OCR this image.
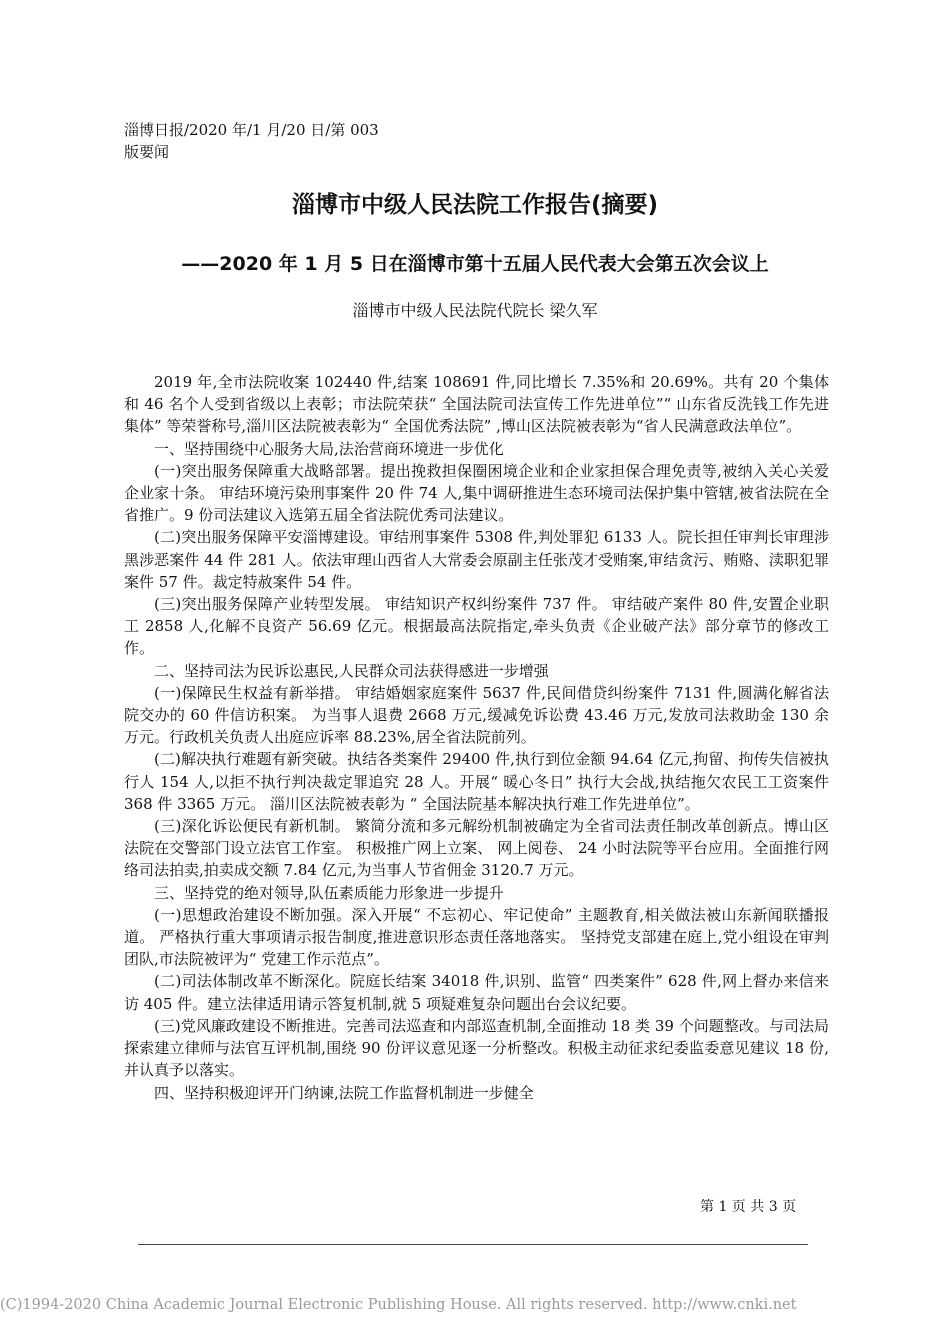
淄博日报/2020 年/1 月/20 日/第 003
版要闻
淄博市中级人民法院工作报告(摘要)
——2020 年 1 月 5 日在淄博市第十五届人民代表大会第五次会议上
淄博市中级人民法院代院长 梁久军

2019 年,全市法院收案 102440 件,结案 108691 件,同比增长 7.35%和 20.69%。共有 20 个集体和 46 名个人受到省级以上表彰；市法院荣获“ 全国法院司法宣传工作先进单位”“ 山东省反洗钱工作先进集体” 等荣誉称号,淄川区法院被表彰为“ 全国优秀法院” ,博山区法院被表彰为“省人民满意政法单位”。

一、坚持围绕中心服务大局,法治营商环境进一步优化

(一)突出服务保障重大战略部署。提出挽救担保圈困境企业和企业家担保合理免责等,被纳入关心关爱企业家十条。 审结环境污染刑事案件 20 件 74 人,集中调研推进生态环境司法保护集中管辖,被省法院在全省推广。9 份司法建议入选第五届全省法院优秀司法建议。

(二)突出服务保障平安淄博建设。审结刑事案件 5308 件,判处罪犯 6133 人。院长担任审判长审理涉黑涉恶案件 44 件 281 人。依法审理山西省人大常委会原副主任张茂才受贿案,审结贪污、贿赂、渎职犯罪案件 57 件。裁定特赦案件 54 件。

(三)突出服务保障产业转型发展。 审结知识产权纠纷案件 737 件。 审结破产案件 80 件,安置企业职工 2858 人,化解不良资产 56.69 亿元。根据最高法院指定,牵头负责《企业破产法》部分章节的修改工作。

二、坚持司法为民诉讼惠民,人民群众司法获得感进一步增强

(一)保障民生权益有新举措。 审结婚姻家庭案件 5637 件,民间借贷纠纷案件 7131 件,圆满化解省法院交办的 60 件信访积案。 为当事人退费 2668 万元,缓减免诉讼费 43.46 万元,发放司法救助金 130 余万元。行政机关负责人出庭应诉率 88.23%,居全省法院前列。

(二)解决执行难题有新突破。执结各类案件 29400 件,执行到位金额 94.64 亿元,拘留、拘传失信被执行人 154 人,以拒不执行判决裁定罪追究 28 人。开展“ 暖心冬日” 执行大会战,执结拖欠农民工工资案件 368 件 3365 万元。 淄川区法院被表彰为 “ 全国法院基本解决执行难工作先进单位”。

(三)深化诉讼便民有新机制。 繁简分流和多元解纷机制被确定为全省司法责任制改革创新点。博山区法院在交警部门设立法官工作室。 积极推广网上立案、 网上阅卷、 24 小时法院等平台应用。全面推行网络司法拍卖,拍卖成交额 7.84 亿元,为当事人节省佣金 3120.7 万元。

三、坚持党的绝对领导,队伍素质能力形象进一步提升

(一)思想政治建设不断加强。深入开展“ 不忘初心、牢记使命” 主题教育,相关做法被山东新闻联播报道。 严格执行重大事项请示报告制度,推进意识形态责任落地落实。 坚持党支部建在庭上,党小组设在审判团队,市法院被评为“ 党建工作示范点”。

(二)司法体制改革不断深化。院庭长结案 34018 件,识别、监管“ 四类案件” 628 件,网上督办来信来访 405 件。建立法律适用请示答复机制,就 5 项疑难复杂问题出台会议纪要。

(三)党风廉政建设不断推进。完善司法巡查和内部巡查机制,全面推动 18 类 39 个问题整改。与司法局探索建立律师与法官互评机制,围绕 90 份评议意见逐一分析整改。积极主动征求纪委监委意见建议 18 份,并认真予以落实。

四、坚持积极迎评开门纳谏,法院工作监督机制进一步健全

第 1 页 共 3 页
(C)1994-2020 China Academic Journal Electronic Publishing House. All rights reserved. http://www.cnki.net
